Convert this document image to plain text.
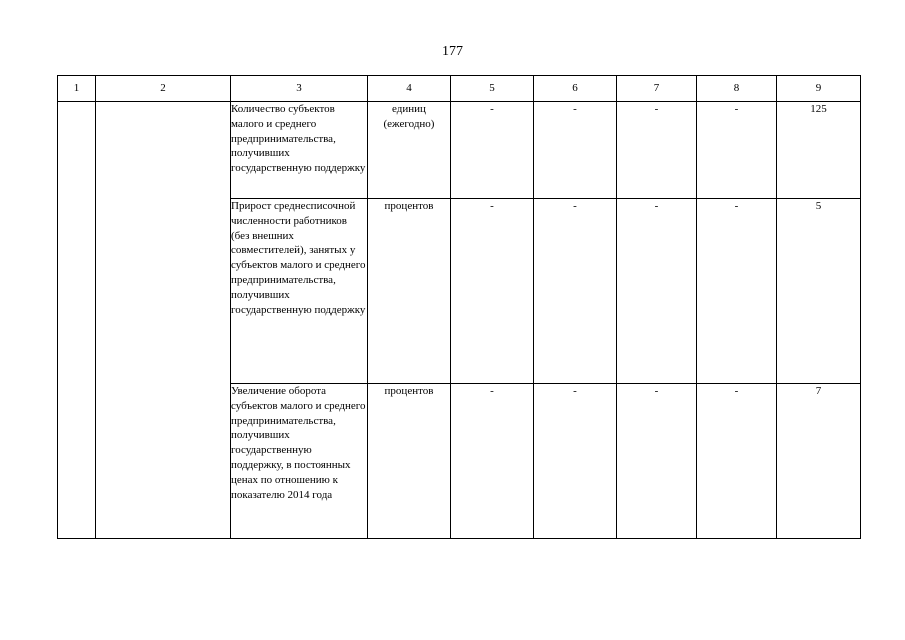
177
1	2	3	4	5	6	7	8	9
		Количество субъектов малого и среднего предпринимательства, получивших государственную поддержку	единиц (ежегодно)	-	-	-	-	125
		Прирост среднесписочной численности работников (без внешних совместителей), занятых у субъектов малого и среднего предпринимательства, получивших государственную поддержку	процентов	-	-	-	-	5
		Увеличение оборота субъектов малого и среднего предпринимательства, получивших государственную поддержку, в постоянных ценах по отношению к показателю 2014 года	процентов	-	-	-	-	7
